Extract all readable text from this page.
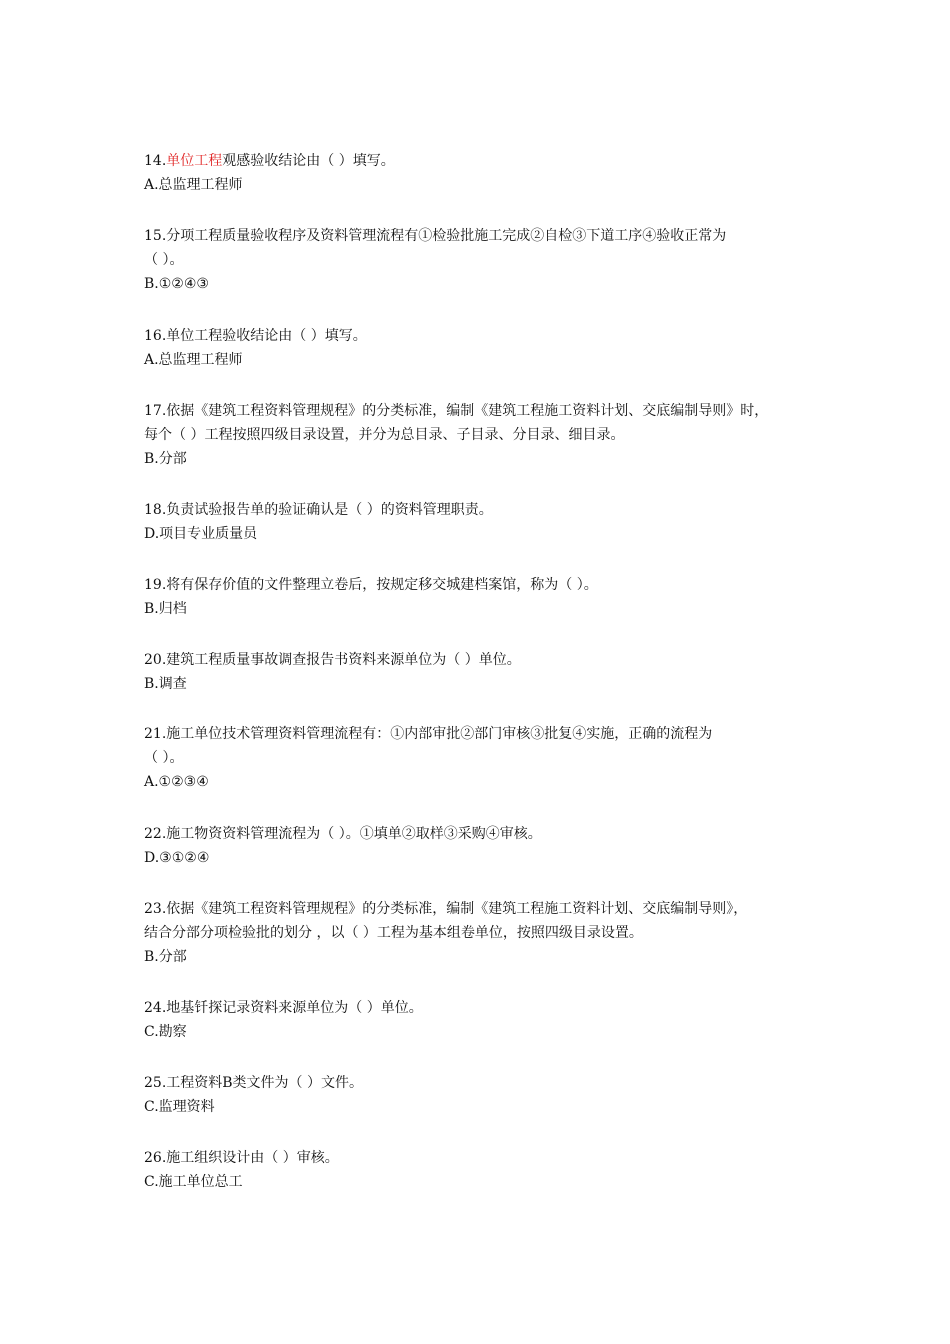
14.单位工程观感验收结论由（ ）填写。
A.总监理工程师
15.分项工程质量验收程序及资料管理流程有①检验批施工完成②自检③下道工序④验收正常为
（ ）。
B.①②④③
16.单位工程验收结论由（ ）填写。
A.总监理工程师
17.依据《建筑工程资料管理规程》的分类标准，编制《建筑工程施工资料计划、交底编制导则》时，
每个（ ）工程按照四级目录设置，并分为总目录、子目录、分目录、细目录。
B.分部
18.负责试验报告单的验证确认是（ ）的资料管理职责。
D.项目专业质量员
19.将有保存价值的文件整理立卷后，按规定移交城建档案馆，称为（ ）。
B.归档
20.建筑工程质量事故调查报告书资料来源单位为（ ）单位。
B.调查
21.施工单位技术管理资料管理流程有：①内部审批②部门审核③批复④实施，正确的流程为
（ ）。
A.①②③④
22.施工物资资料管理流程为（ ）。①填单②取样③采购④审核。
D.③①②④
23.依据《建筑工程资料管理规程》的分类标准，编制《建筑工程施工资料计划、交底编制导则》，
结合分部分项检验批的划分 ，以（ ）工程为基本组卷单位，按照四级目录设置。
B.分部
24.地基钎探记录资料来源单位为（ ）单位。
C.勘察
25.工程资料B类文件为（ ）文件。
C.监理资料
26.施工组织设计由（ ）审核。
C.施工单位总工
